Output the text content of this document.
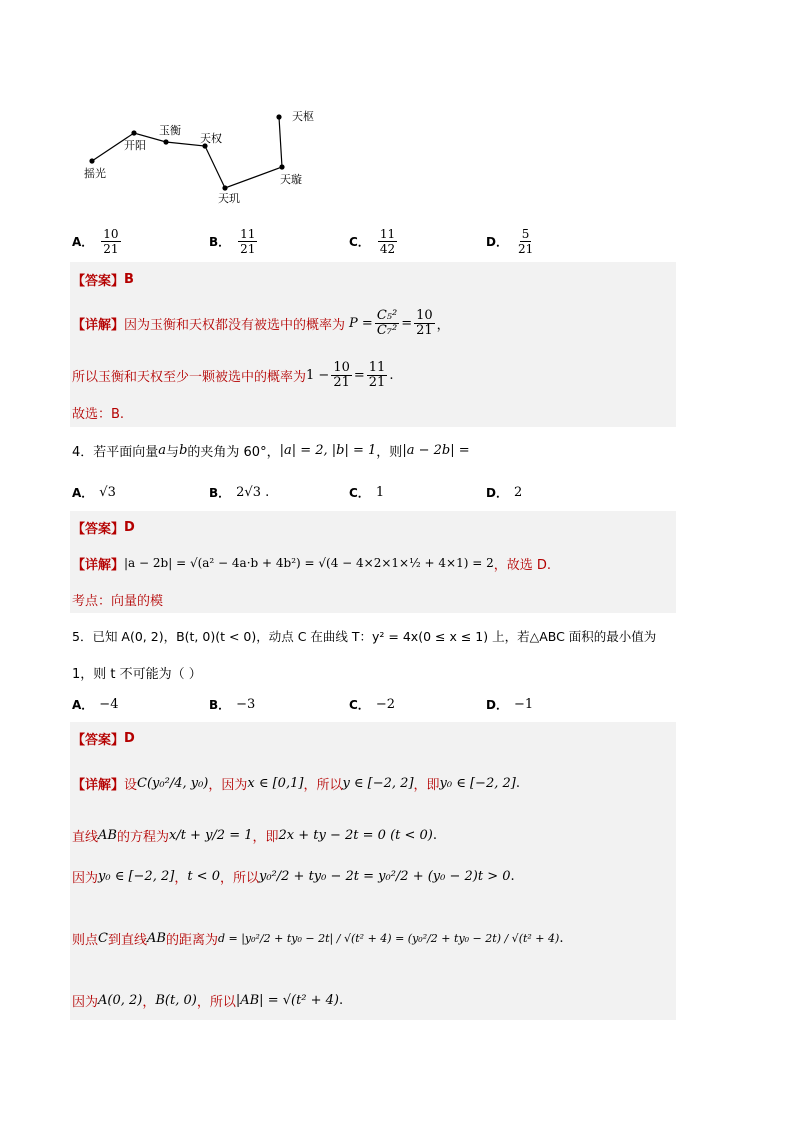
摇光
开阳
玉衡
天权
天玑
天璇
天枢
A． $\frac{10}{21}$	B． $\frac{11}{21}$	C． $\frac{11}{42}$	D． $\frac{5}{21}$
【答案】 B
【详解】 因为玉衡和天权都没有被选中的概率为 $P = \frac{\text{C₅²}}{\text{C₇²}} = \frac{10}{21}$ ，
所以玉衡和天权至少一颗被选中的概率为 $1 - \frac{10}{21} = \frac{11}{21}$ .
故选：B.
4．若平面向量 a 与 b 的夹角为 60°， |a| = 2, |b| = 1 ，则 |a − 2b| =
A． √3	B． 2√3 .	C． 1	D． 2
【答案】 D
【详解】 |a − 2b| = √(a² − 4a·b + 4b²) = √(4 − 4×2×1×½ + 4×1) = 2 ，故选 D.
考点：向量的模
5．已知 A(0, 2)，B(t, 0)(t < 0)，动点 C 在曲线 T：y² = 4x(0 ≤ x ≤ 1) 上，若△ABC 面积的最小值为
1，则 t 不可能为（ ）
A． −4	B． −3	C． −2	D． −1
【答案】 D
【详解】 设 C(y₀²/4, y₀) ，因为 x ∈ [0,1] ，所以 y ∈ [−2, 2] ，即 y₀ ∈ [−2, 2] .
直线 AB 的方程为 x/t + y/2 = 1 ，即 2x + ty − 2t = 0 (t < 0) .
因为 y₀ ∈ [−2, 2] ， t < 0 ，所以 y₀²/2 + ty₀ − 2t = y₀²/2 + (y₀ − 2)t > 0 .
则点 C 到直线 AB 的距离为 d = |y₀²/2 + ty₀ − 2t| / √(t² + 4) = (y₀²/2 + ty₀ − 2t) / √(t² + 4) .
因为 A(0, 2) ， B(t, 0) ，所以 |AB| = √(t² + 4) .
